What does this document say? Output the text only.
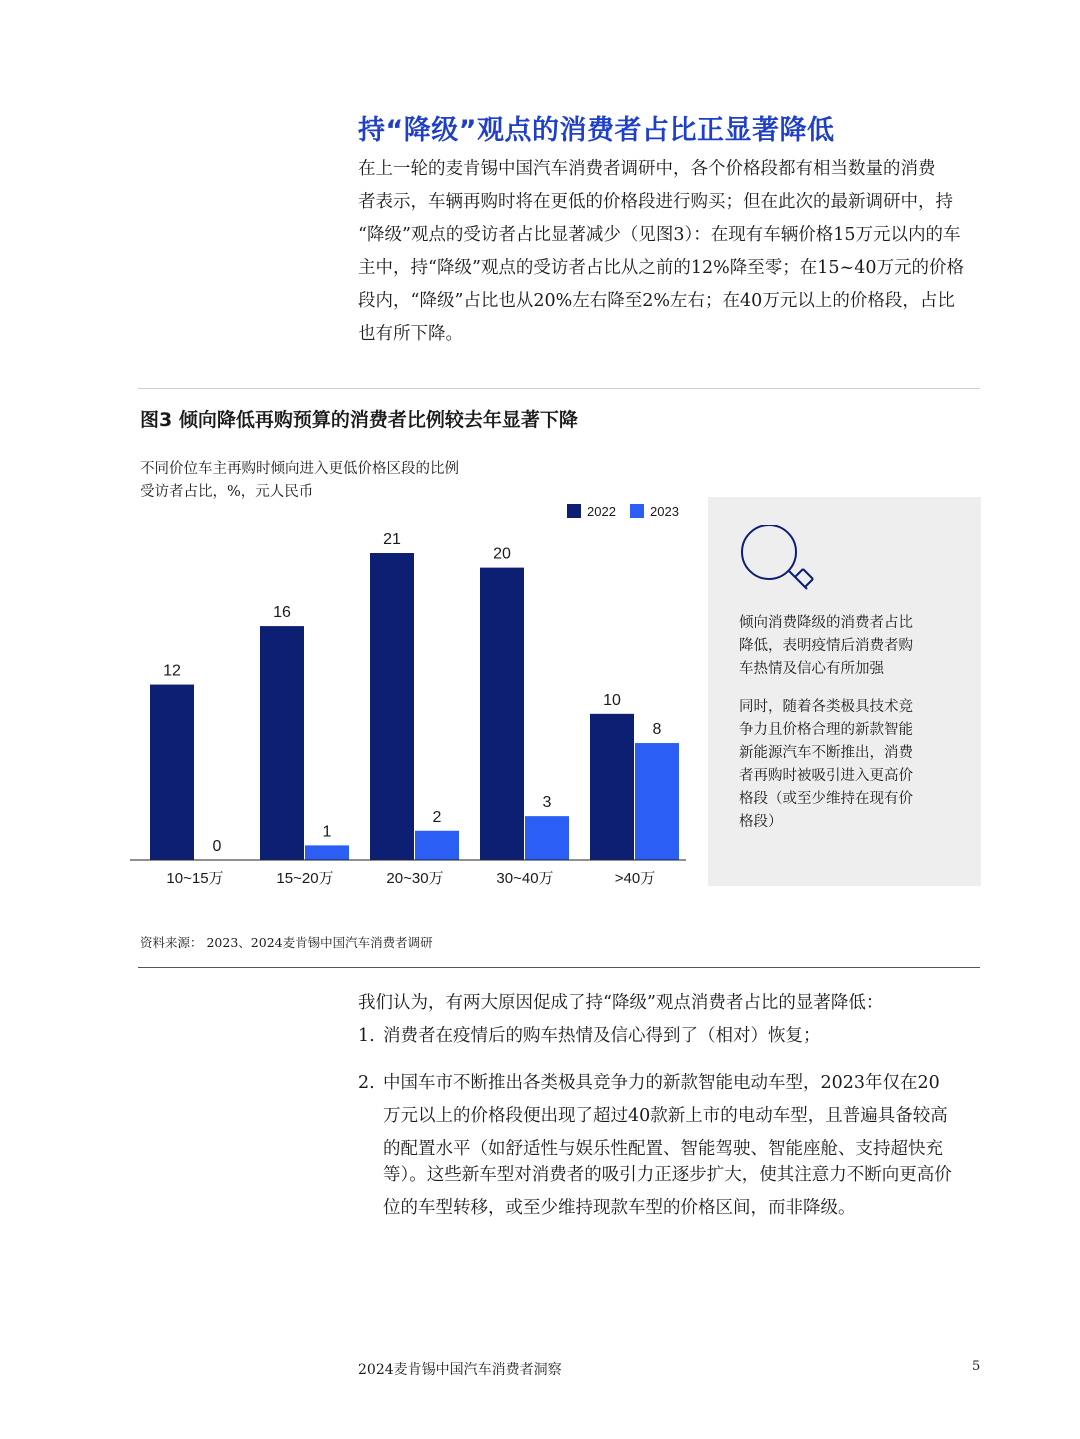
持“降级”观点的消费者占比正显著降低
在上一轮的麦肯锡中国汽车消费者调研中，各个价格段都有相当数量的消费
者表示，车辆再购时将在更低的价格段进行购买；但在此次的最新调研中，持
“降级”观点的受访者占比显著减少（见图3）：在现有车辆价格15万元以内的车
主中，持“降级”观点的受访者占比从之前的12%降至零；在15~40万元的价格
段内，“降级”占比也从20%左右降至2%左右；在40万元以上的价格段，占比
也有所下降。
图3 倾向降低再购预算的消费者比例较去年显著下降
不同价位车主再购时倾向进入更低价格区段的比例
受访者占比，%，元人民币
2022	2023
12
0
16
1
21
2
20
3
10
8
10~15万	15~20万	20~30万	30~40万	>40万
倾向消费降级的消费者占比
降低，表明疫情后消费者购
车热情及信心有所加强
同时，随着各类极具技术竞
争力且价格合理的新款智能
新能源汽车不断推出，消费
者再购时被吸引进入更高价
格段（或至少维持在现有价
格段）
资料来源： 2023、2024麦肯锡中国汽车消费者调研
我们认为，有两大原因促成了持“降级”观点消费者占比的显著降低：
1. 消费者在疫情后的购车热情及信心得到了（相对）恢复；
2. 中国车市不断推出各类极具竞争力的新款智能电动车型，2023年仅在20
万元以上的价格段便出现了超过40款新上市的电动车型，且普遍具备较高
的配置水平（如舒适性与娱乐性配置、智能驾驶、智能座舱、支持超快充
等）。这些新车型对消费者的吸引力正逐步扩大，使其注意力不断向更高价
位的车型转移，或至少维持现款车型的价格区间，而非降级。
2024麦肯锡中国汽车消费者洞察	5
